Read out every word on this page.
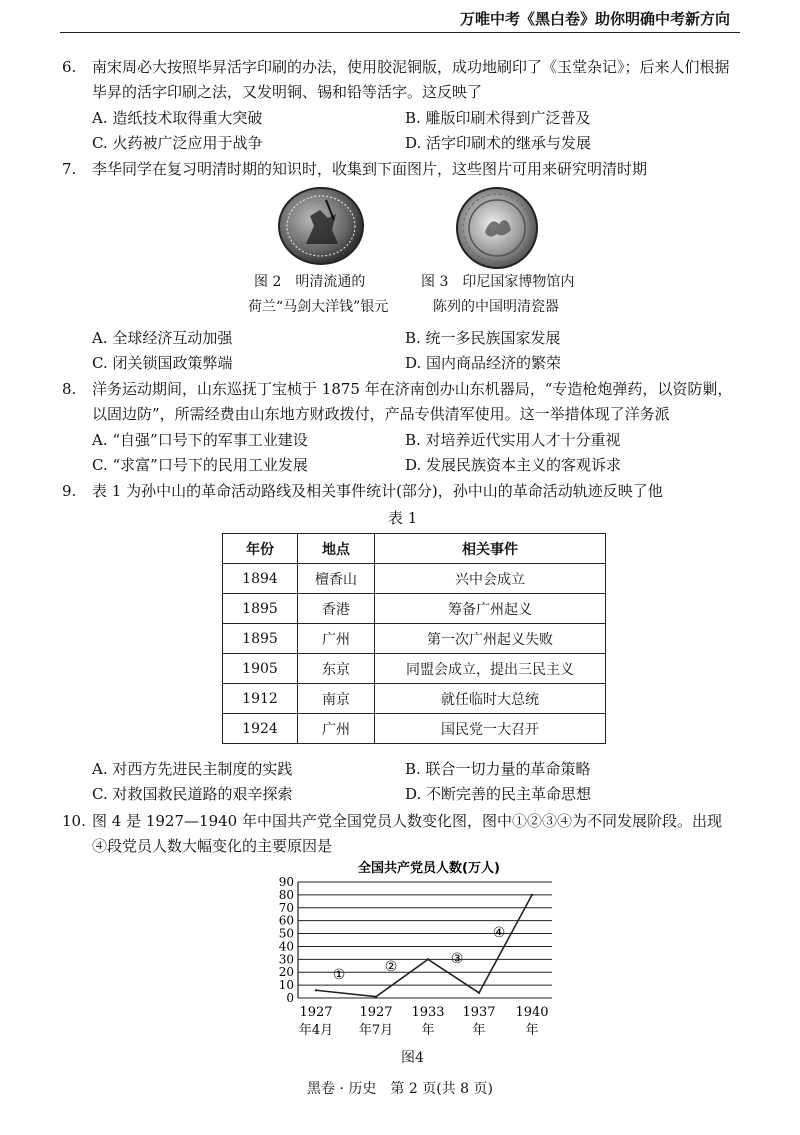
万唯中考《黑白卷》助你明确中考新方向
6. 南宋周必大按照毕昇活字印刷的办法，使用胶泥铜版，成功地刷印了《玉堂杂记》；后来人们根据
毕昇的活字印刷之法，又发明铜、锡和铅等活字。这反映了
A. 造纸技术取得重大突破	B. 雕版印刷术得到广泛普及
C. 火药被广泛应用于战争	D. 活字印刷术的继承与发展
7. 李华同学在复习明清时期的知识时，收集到下面图片，这些图片可用来研究明清时期
图 2　明清流通的
荷兰“马剑大洋钱”银元
图 3　印尼国家博物馆内
陈列的中国明清瓷器
A. 全球经济互动加强	B. 统一多民族国家发展
C. 闭关锁国政策弊端	D. 国内商品经济的繁荣
8. 洋务运动期间，山东巡抚丁宝桢于 1875 年在济南创办山东机器局，“专造枪炮弹药，以资防剿，
以固边防”，所需经费由山东地方财政拨付，产品专供清军使用。这一举措体现了洋务派
A. “自强”口号下的军事工业建设	B. 对培养近代实用人才十分重视
C. “求富”口号下的民用工业发展	D. 发展民族资本主义的客观诉求
9. 表 1 为孙中山的革命活动路线及相关事件统计(部分)，孙中山的革命活动轨迹反映了他
表 1
年份	地点	相关事件
1894	檀香山	兴中会成立
1895	香港	筹备广州起义
1895	广州	第一次广州起义失败
1905	东京	同盟会成立，提出三民主义
1912	南京	就任临时大总统
1924	广州	国民党一大召开
A. 对西方先进民主制度的实践	B. 联合一切力量的革命策略
C. 对救国救民道路的艰辛探索	D. 不断完善的民主革命思想
10. 图 4 是 1927—1940 年中国共产党全国党员人数变化图，图中①②③④为不同发展阶段。出现
④段党员人数大幅变化的主要原因是
全国共产党员人数(万人)
0
10
20
30
40
50
60
70
80
90
①	②	③
④
1927
年4月
1927
年7月
1933
年
1937
年
1940
年
图4
黑卷 · 历史　第 2 页(共 8 页)
